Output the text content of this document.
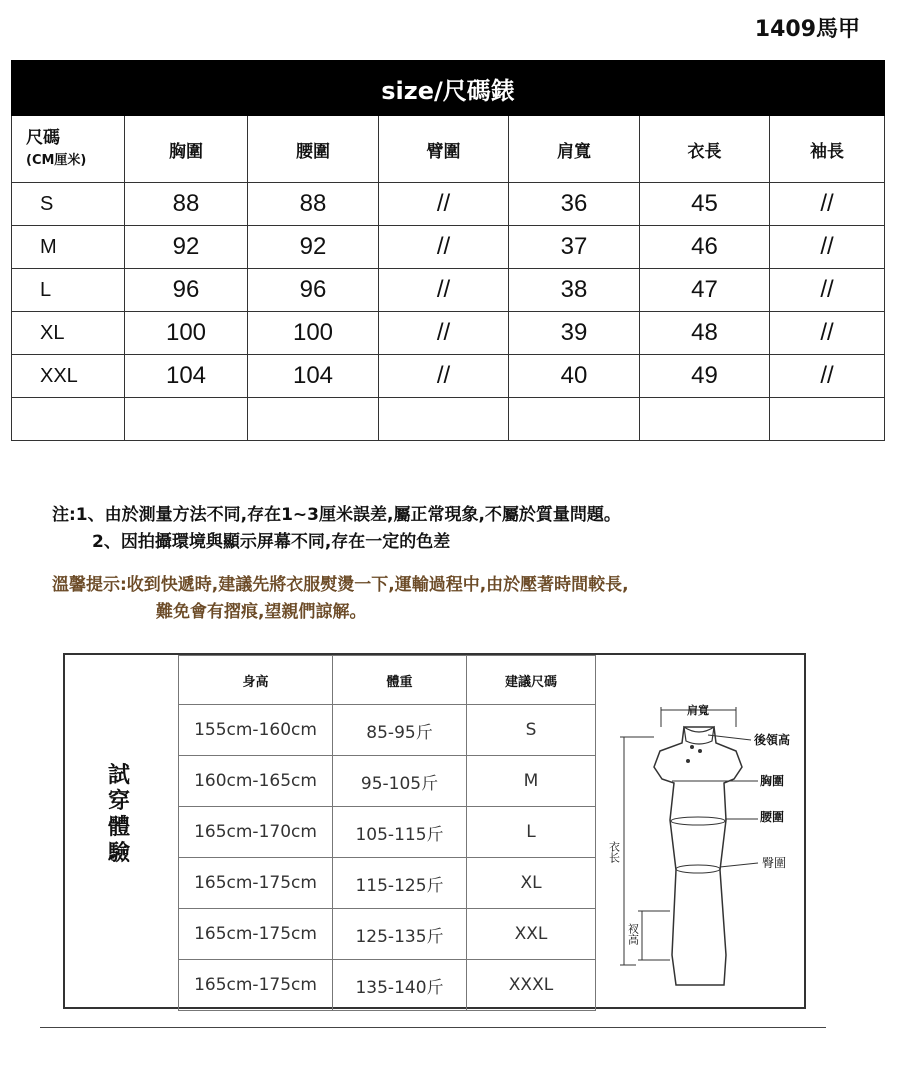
1409馬甲
size/尺碼錶						
尺碼
(CM厘米)	胸圍	腰圍	臂圍	肩寬	衣長	袖長
S	88	88	//	36	45	//
M	92	92	//	37	46	//
L	96	96	//	38	47	//
XL	100	100	//	39	48	//
XXL	104	104	//	40	49	//

注:1、由於測量方法不同,存在1~3厘米誤差,屬正常現象,不屬於質量問題。
2、因拍攝環境與顯示屏幕不同,存在一定的色差
溫馨提示:收到快遞時,建議先將衣服熨燙一下,運輸過程中,由於壓著時間較長,
難免會有摺痕,望親們諒解。
試
穿
體
驗
身高	體重	建議尺碼
155cm-160cm	85-95斤	S
160cm-165cm	95-105斤	M
165cm-170cm	105-115斤	L
165cm-175cm	115-125斤	XL
165cm-175cm	125-135斤	XXL
165cm-175cm	135-140斤	XXXL
肩寬
後領高
胸圍
腰圍
臀圍
衣长
衩高
